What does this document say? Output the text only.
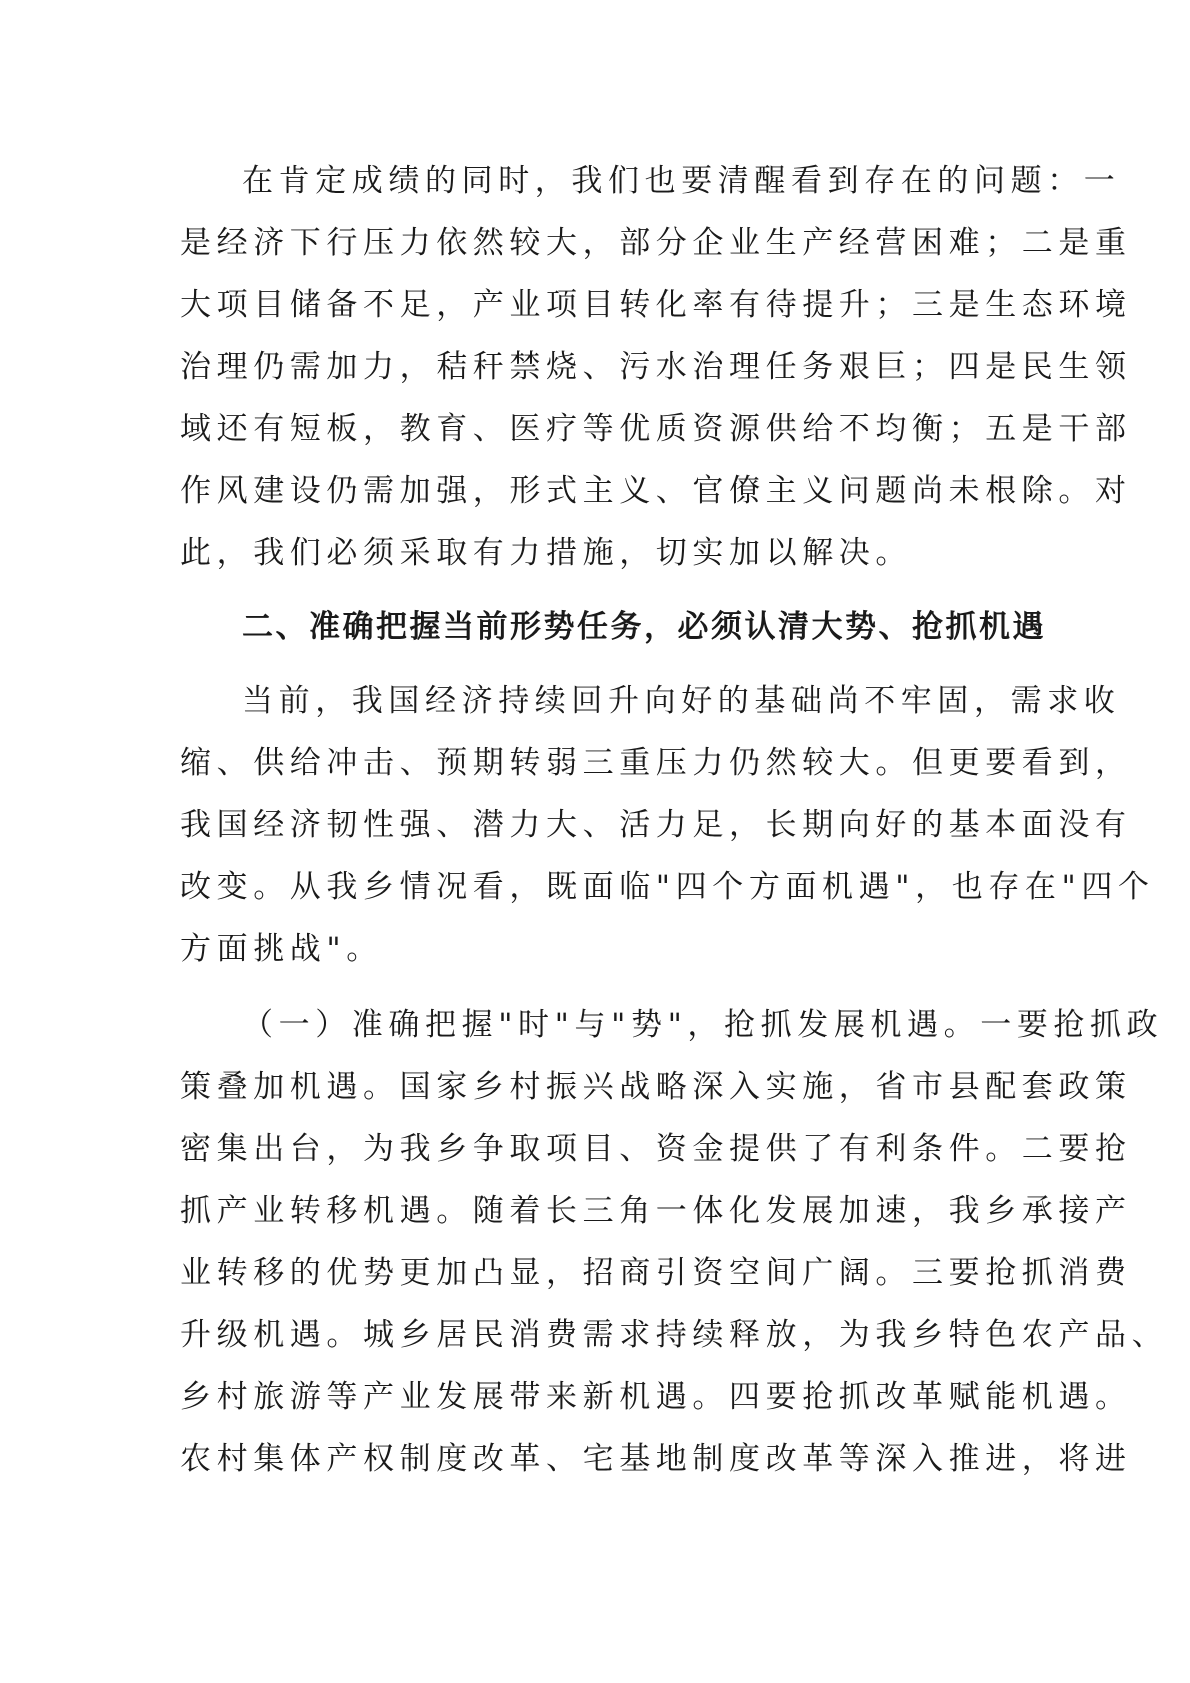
在肯定成绩的同时，我们也要清醒看到存在的问题：一
是经济下行压力依然较大，部分企业生产经营困难；二是重
大项目储备不足，产业项目转化率有待提升；三是生态环境
治理仍需加力，秸秆禁烧、污水治理任务艰巨；四是民生领
域还有短板，教育、医疗等优质资源供给不均衡；五是干部
作风建设仍需加强，形式主义、官僚主义问题尚未根除。对
此，我们必须采取有力措施，切实加以解决。
二、准确把握当前形势任务，必须认清大势、抢抓机遇
当前，我国经济持续回升向好的基础尚不牢固，需求收
缩、供给冲击、预期转弱三重压力仍然较大。但更要看到，
我国经济韧性强、潜力大、活力足，长期向好的基本面没有
改变。从我乡情况看，既面临"四个方面机遇"，也存在"四个
方面挑战"。
（一）准确把握"时"与"势"，抢抓发展机遇。一要抢抓政
策叠加机遇。国家乡村振兴战略深入实施，省市县配套政策
密集出台，为我乡争取项目、资金提供了有利条件。二要抢
抓产业转移机遇。随着长三角一体化发展加速，我乡承接产
业转移的优势更加凸显，招商引资空间广阔。三要抢抓消费
升级机遇。城乡居民消费需求持续释放，为我乡特色农产品、
乡村旅游等产业发展带来新机遇。四要抢抓改革赋能机遇。
农村集体产权制度改革、宅基地制度改革等深入推进，将进
